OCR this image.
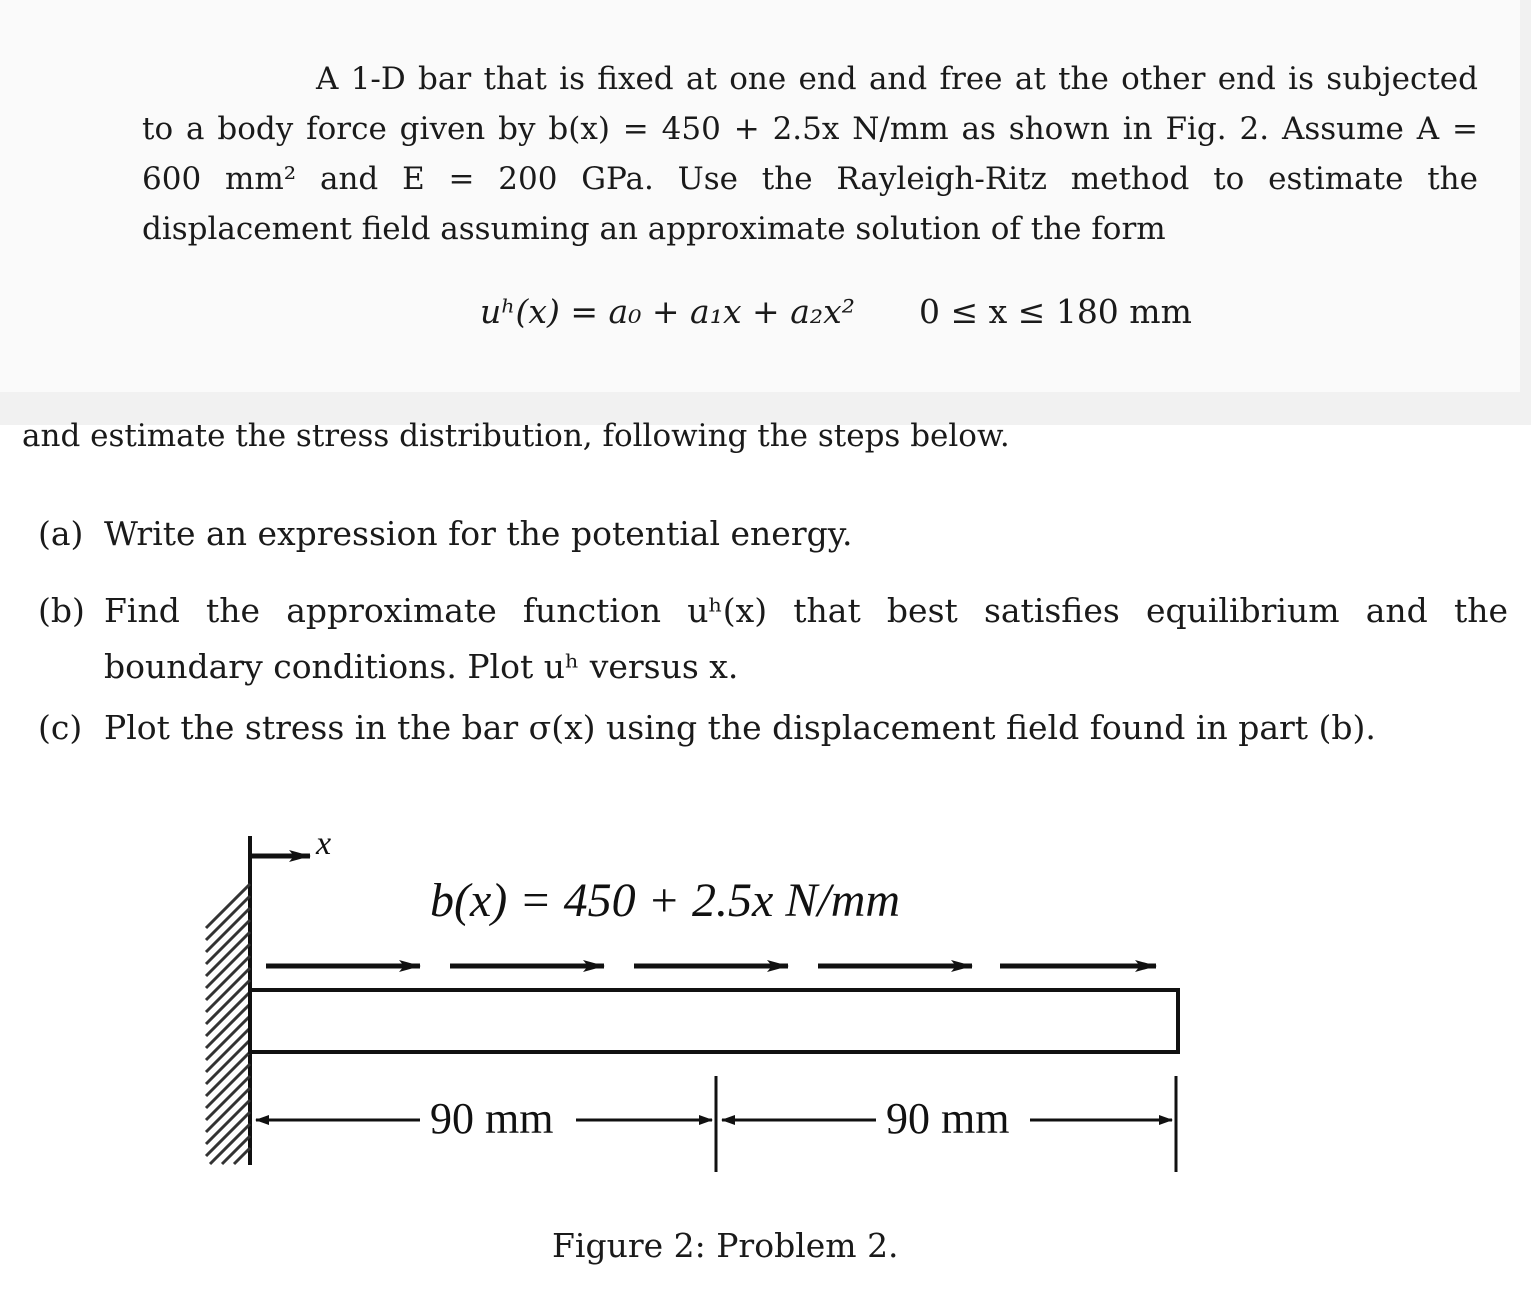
A 1-D bar that is fixed at one end and free at the other end is subjected to a body force given by b(x) = 450 + 2.5x N/mm as shown in Fig. 2. Assume A = 600 mm² and E = 200 GPa. Use the Rayleigh-Ritz method to estimate the displacement field assuming an approximate solution of the form

uʰ(x) = a₀ + a₁x + a₂x² 0 ≤ x ≤ 180 mm
and estimate the stress distribution, following the steps below.
(a) Write an expression for the potential energy.
(b) Find the approximate function uʰ(x) that best satisfies equilibrium and the boundary conditions. Plot uʰ versus x.
(c) Plot the stress in the bar σ(x) using the displacement field found in part (b).
x
b(x) = 450 + 2.5x N/mm
90 mm	90 mm
Figure 2: Problem 2.
